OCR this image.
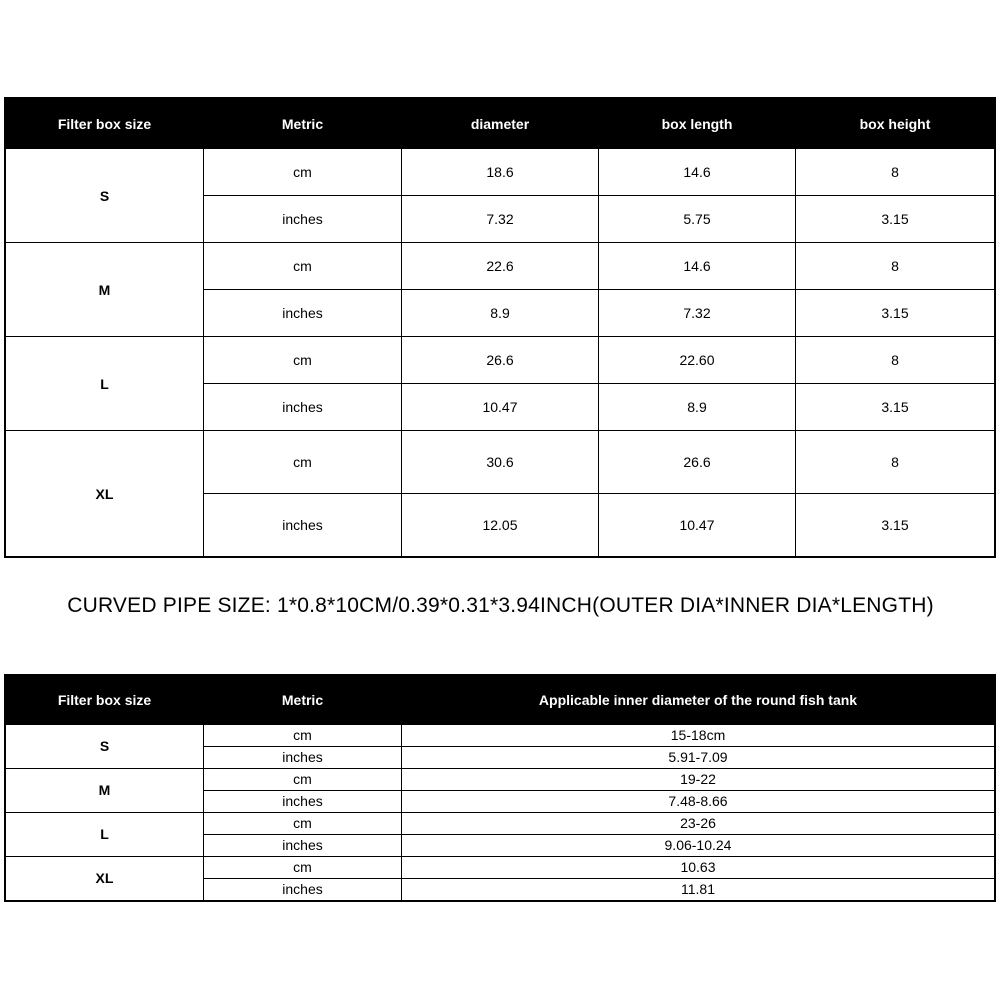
Filter box size	Metric	diameter	box length	box height
S	cm	18.6	14.6	8
	inches	7.32	5.75	3.15
M	cm	22.6	14.6	8
	inches	8.9	7.32	3.15
L	cm	26.6	22.60	8
	inches	10.47	8.9	3.15
XL	cm	30.6	26.6	8
	inches	12.05	10.47	3.15
CURVED PIPE SIZE: 1*0.8*10CM/0.39*0.31*3.94INCH(OUTER DIA*INNER DIA*LENGTH)
Filter box size	Metric	Applicable inner diameter of the round fish tank
S	cm	15-18cm
	inches	5.91-7.09
M	cm	19-22
	inches	7.48-8.66
L	cm	23-26
	inches	9.06-10.24
XL	cm	10.63
	inches	11.81
